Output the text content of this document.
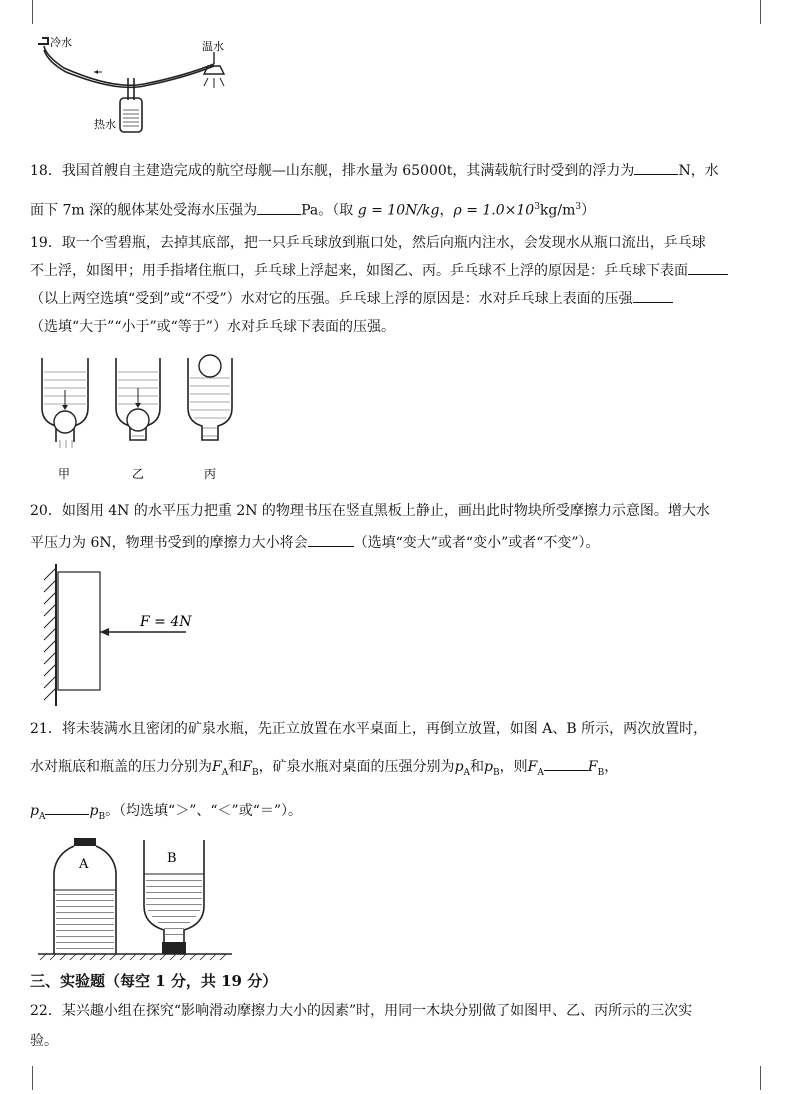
冷水	温水
热水

18．我国首艘自主建造完成的航空母舰—山东舰，排水量为 65000t，其满载航行时受到的浮力为	N，水

面下 7m 深的舰体某处受海水压强为	Pa。（取 g = 10N/kg，$\rho = 1.0\times 10^3kg/m^3$）

19．取一个雪碧瓶，去掉其底部，把一只乒乓球放到瓶口处，然后向瓶内注水，会发现水从瓶口流出，乒乓球

不上浮，如图甲；用手指堵住瓶口，乒乓球上浮起来，如图乙、丙。乒乓球不上浮的原因是：乒乓球下表面

（以上两空选填“受到”或“不受”）水对它的压强。乒乓球上浮的原因是：水对乒乓球上表面的压强

（选填“大于”“小于”或“等于”）水对乒乓球下表面的压强。

甲	乙	丙

20．如图用 4N 的水平压力把重 2N 的物理书压在竖直黑板上静止，画出此时物块所受摩擦力示意图。增大水

平压力为 6N，物理书受到的摩擦力大小将会	（选填“变大”或者“变小”或者“不变”）。

F = 4N

21．将未装满水且密闭的矿泉水瓶，先正立放置在水平桌面上，再倒立放置，如图 A、B 所示，两次放置时，

水对瓶底和瓶盖的压力分别为$F_A$和$F_B$，矿泉水瓶对桌面的压强分别为$p_A$和$p_B$，则$F_A$	$F_B$，

$p_A$	$p_B$。（均选填“＞”、“＜”或“＝”）。

A	B
三、实验题（每空 1 分，共 19 分）

22．某兴趣小组在探究“影响滑动摩擦力大小的因素”时，用同一木块分别做了如图甲、乙、丙所示的三次实

验。
